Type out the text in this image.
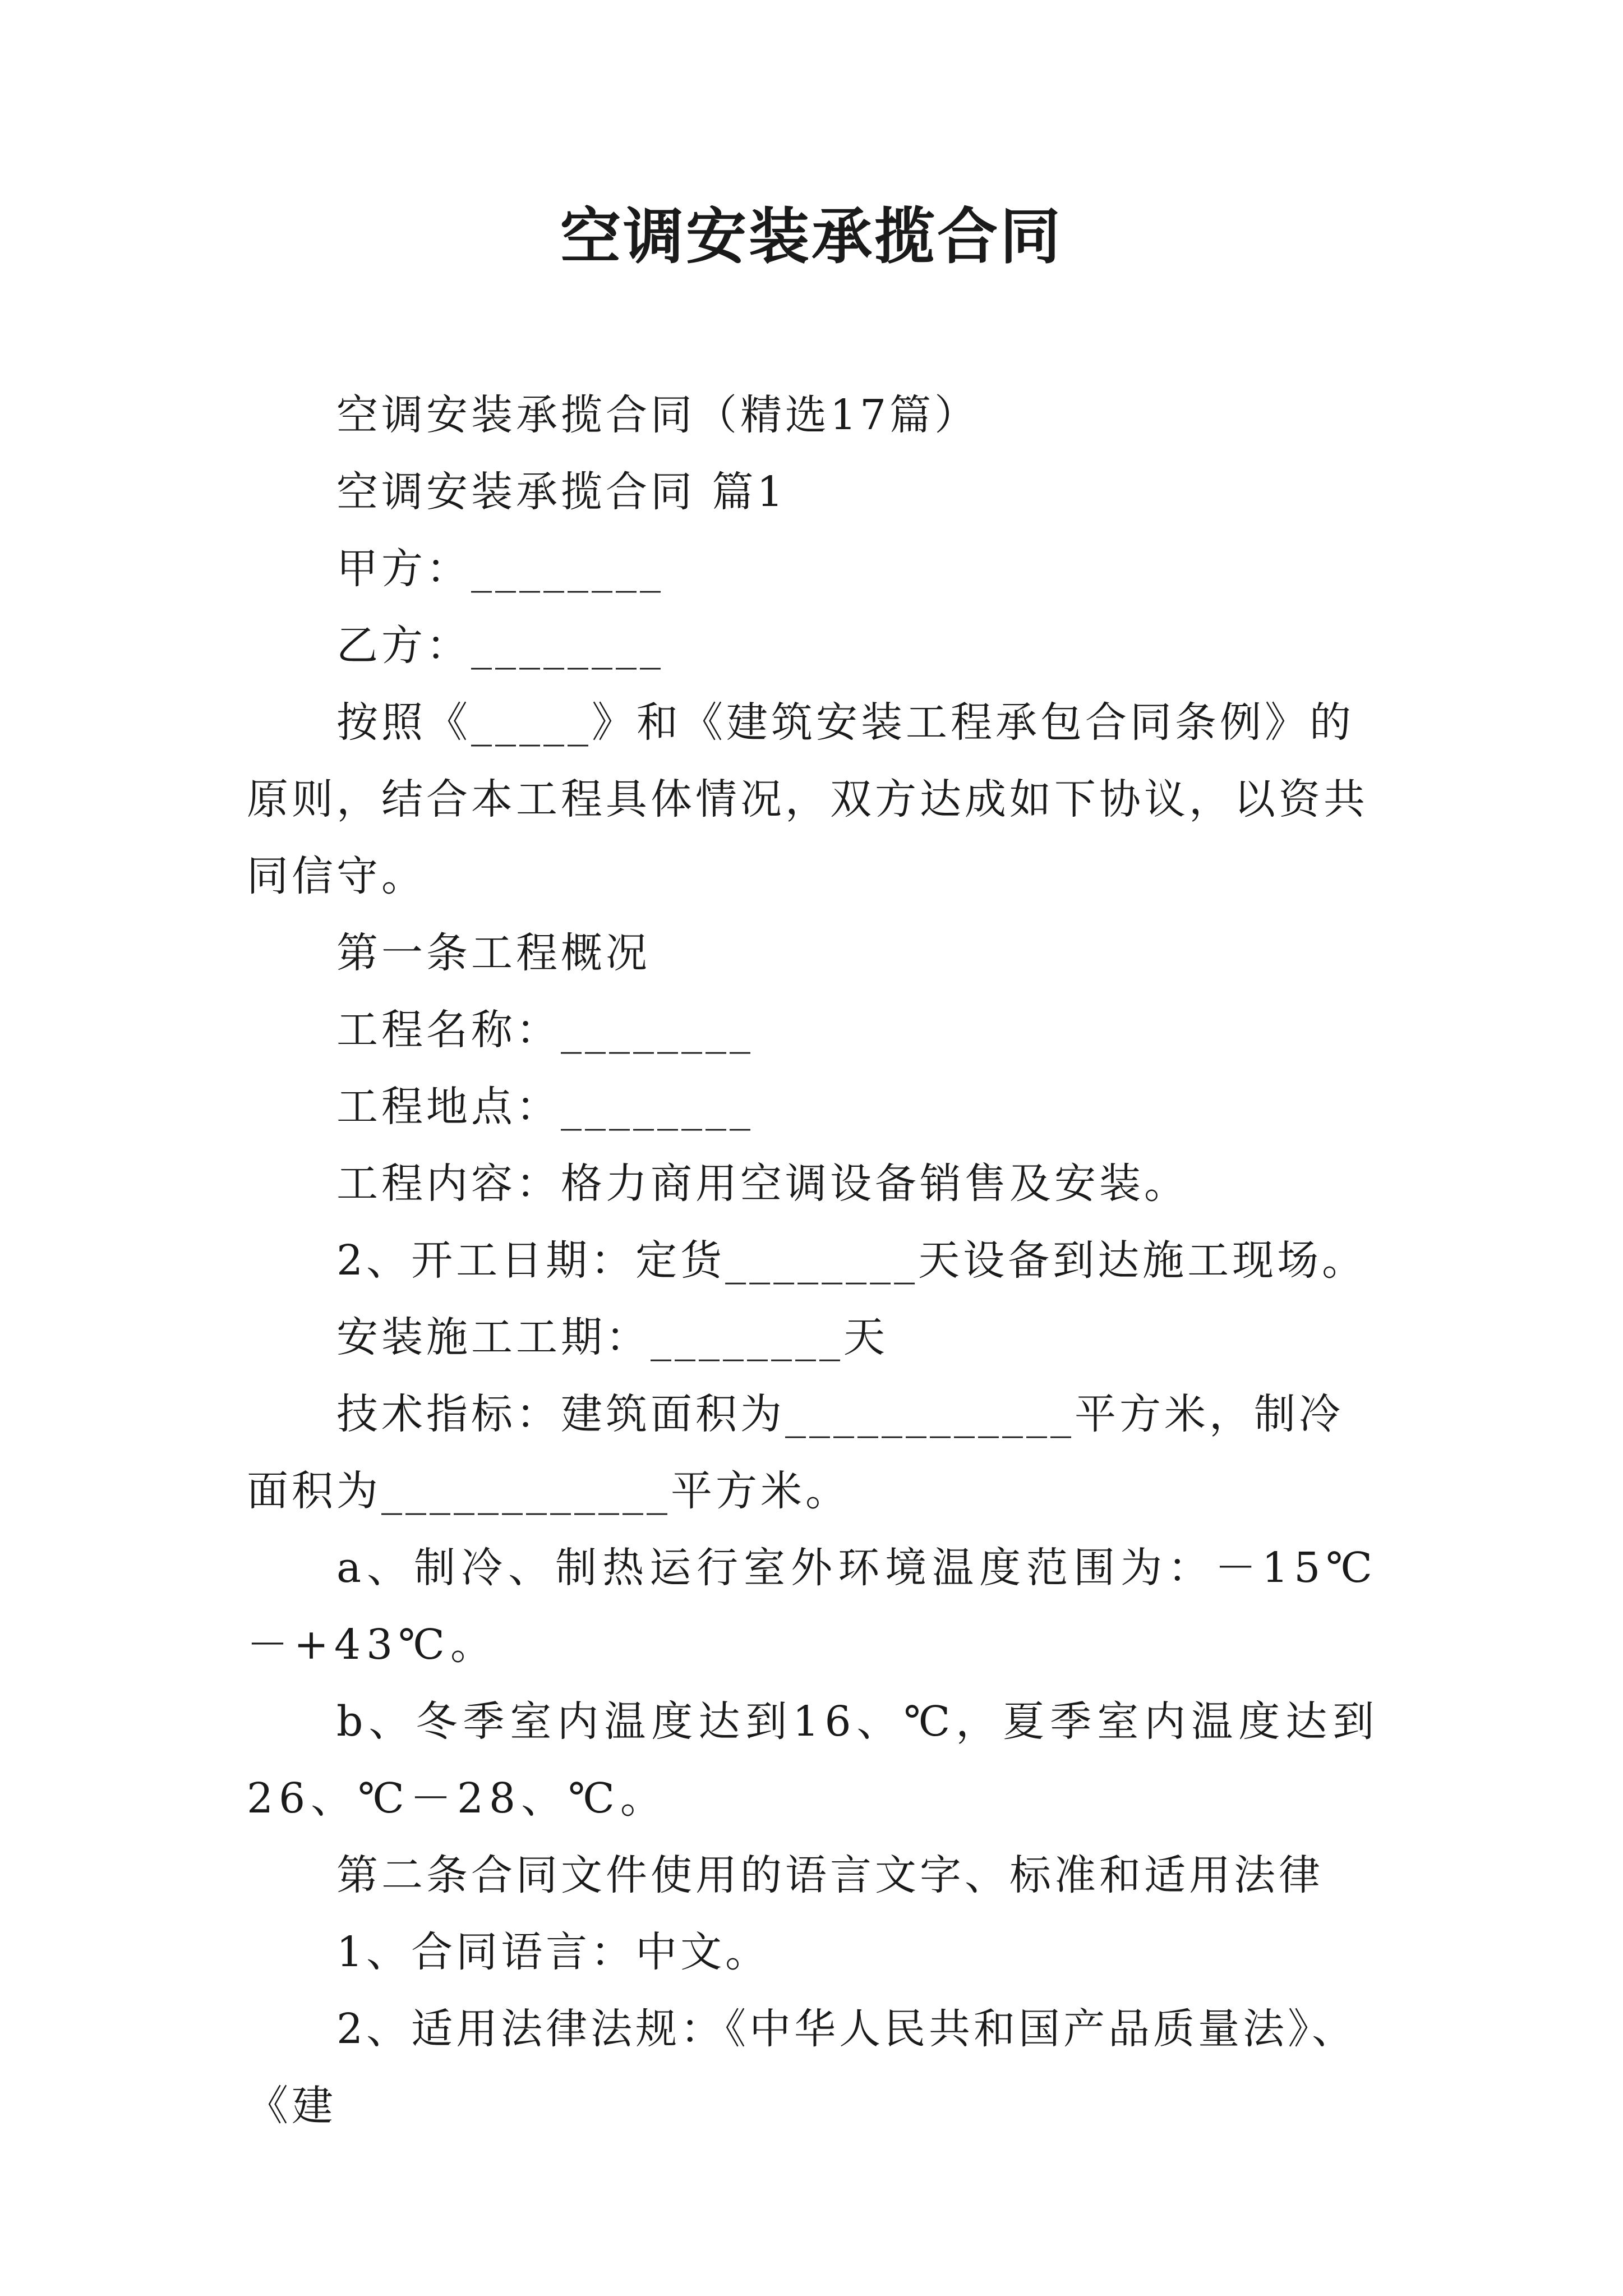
空调安装承揽合同

空调安装承揽合同（精选17篇）

空调安装承揽合同 篇1

甲方：________

乙方：________

按照《_____》和《建筑安装工程承包合同条例》的原则，结合本工程具体情况，双方达成如下协议，以资共同信守。

第一条工程概况

工程名称：________

工程地点：________

工程内容：格力商用空调设备销售及安装。

2、开工日期：定货________天设备到达施工现场。

安装施工工期：________天

技术指标：建筑面积为____________平方米，制冷面积为____________平方米。

a、制冷、制热运行室外环境温度范围为：－15℃－+43℃。

b、冬季室内温度达到16、℃，夏季室内温度达到26、℃－28、℃。

第二条合同文件使用的语言文字、标准和适用法律

1、合同语言：中文。

2、适用法律法规：《中华人民共和国产品质量法》、《建
